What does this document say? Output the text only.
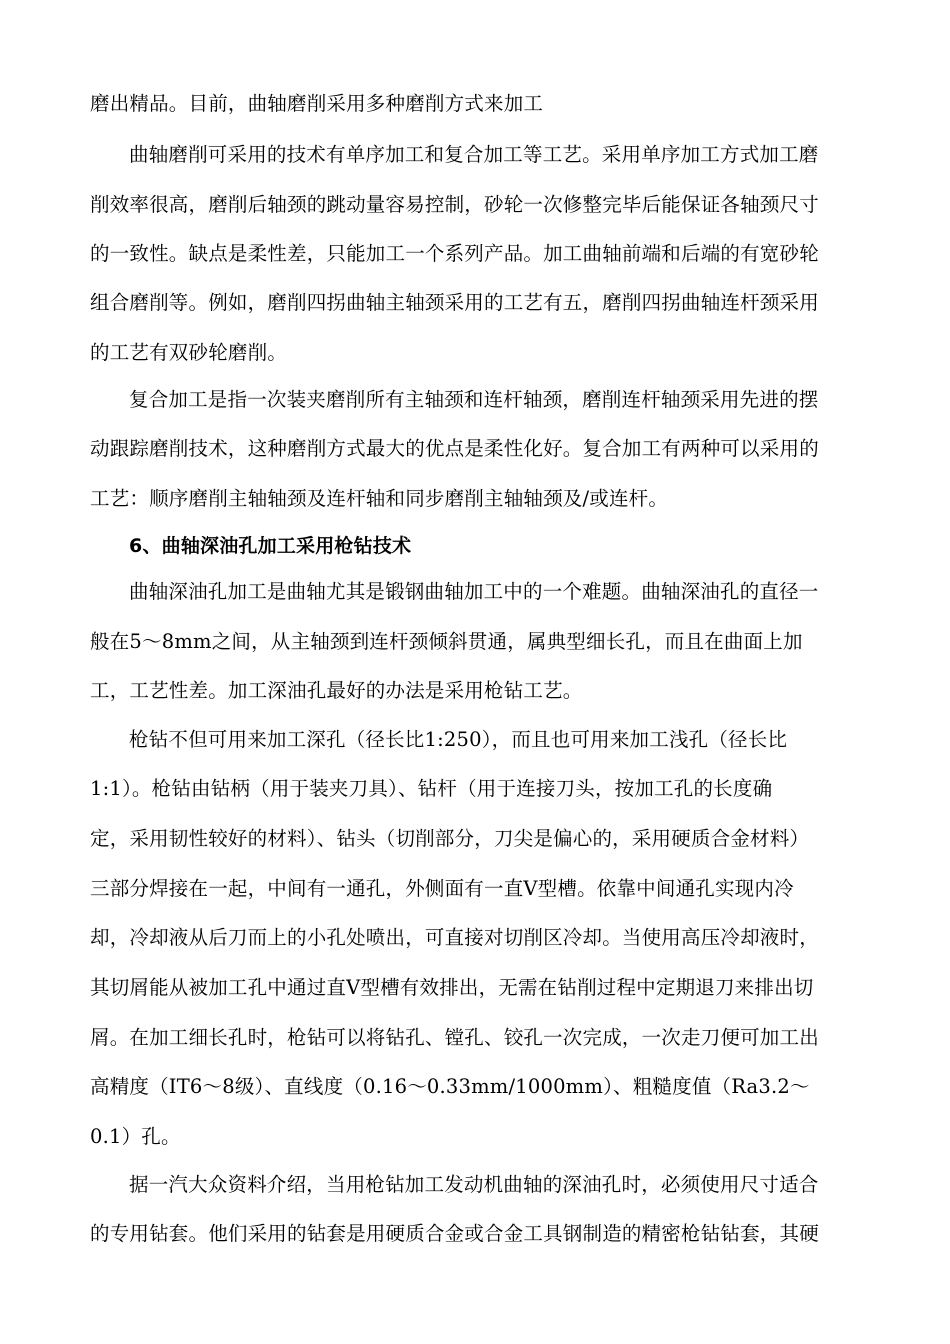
磨出精品。目前，曲轴磨削采用多种磨削方式来加工
曲轴磨削可采用的技术有单序加工和复合加工等工艺。采用单序加工方式加工磨
削效率很高，磨削后轴颈的跳动量容易控制，砂轮一次修整完毕后能保证各轴颈尺寸
的一致性。缺点是柔性差，只能加工一个系列产品。加工曲轴前端和后端的有宽砂轮
组合磨削等。例如，磨削四拐曲轴主轴颈采用的工艺有五，磨削四拐曲轴连杆颈采用
的工艺有双砂轮磨削。
复合加工是指一次装夹磨削所有主轴颈和连杆轴颈，磨削连杆轴颈采用先进的摆
动跟踪磨削技术，这种磨削方式最大的优点是柔性化好。复合加工有两种可以采用的
工艺：顺序磨削主轴轴颈及连杆轴和同步磨削主轴轴颈及/或连杆。
6、曲轴深油孔加工采用枪钻技术
曲轴深油孔加工是曲轴尤其是锻钢曲轴加工中的一个难题。曲轴深油孔的直径一
般在5～8mm之间，从主轴颈到连杆颈倾斜贯通，属典型细长孔，而且在曲面上加
工，工艺性差。加工深油孔最好的办法是采用枪钻工艺。
枪钻不但可用来加工深孔（径长比1:250），而且也可用来加工浅孔（径长比
1:1）。枪钻由钻柄（用于装夹刀具）、钻杆（用于连接刀头，按加工孔的长度确
定，采用韧性较好的材料）、钻头（切削部分，刀尖是偏心的，采用硬质合金材料）
三部分焊接在一起，中间有一通孔，外侧面有一直V型槽。依靠中间通孔实现内冷
却，冷却液从后刀而上的小孔处喷出，可直接对切削区冷却。当使用高压冷却液时，
其切屑能从被加工孔中通过直V型槽有效排出，无需在钻削过程中定期退刀来排出切
屑。在加工细长孔时，枪钻可以将钻孔、镗孔、铰孔一次完成，一次走刀便可加工出
高精度（IT6～8级）、直线度（0.16～0.33mm/1000mm）、粗糙度值（Ra3.2～
0.1）孔。
据一汽大众资料介绍，当用枪钻加工发动机曲轴的深油孔时，必须使用尺寸适合
的专用钻套。他们采用的钻套是用硬质合金或合金工具钢制造的精密枪钻钻套，其硬
